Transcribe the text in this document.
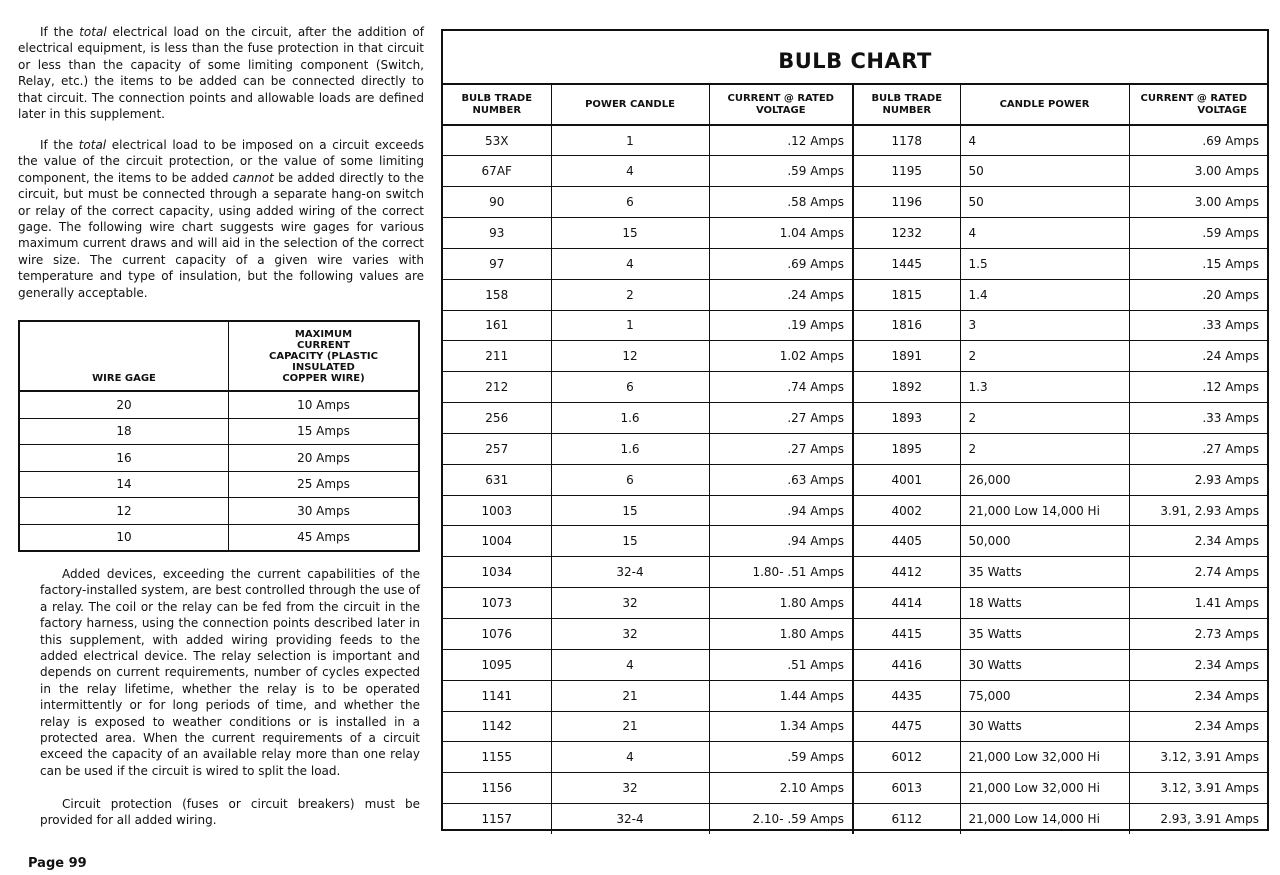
If the total electrical load on the circuit, after the addition of electrical equipment, is less than the fuse protection in that circuit or less than the capacity of some limiting component (Switch, Relay, etc.) the items to be added can be connected directly to that circuit. The connection points and allowable loads are defined later in this supplement.

If the total electrical load to be imposed on a circuit exceeds the value of the circuit protection, or the value of some limiting component, the items to be added cannot be added directly to the circuit, but must be connected through a separate hang-on switch or relay of the correct capacity, using added wiring of the correct gage. The following wire chart suggests wire gages for various maximum current draws and will aid in the selection of the correct wire size. The current capacity of a given wire varies with temperature and type of insulation, but the following values are generally acceptable.

Added devices, exceeding the current capabilities of the factory-installed system, are best controlled through the use of a relay. The coil or the relay can be fed from the circuit in the factory harness, using the connection points described later in this supplement, with added wiring providing feeds to the added electrical device. The relay selection is important and depends on current requirements, number of cycles expected in the relay lifetime, whether the relay is to be operated intermittently or for long periods of time, and whether the relay is exposed to weather conditions or is installed in a protected area. When the current requirements of a circuit exceed the capacity of an available relay more than one relay can be used if the circuit is wired to split the load.

Circuit protection (fuses or circuit breakers) must be provided for all added wiring.

WIRE GAGE	MAXIMUM CURRENT CAPACITY (PLASTIC INSULATED COPPER WIRE)
20	10 Amps
18	15 Amps
16	20 Amps
14	25 Amps
12	30 Amps
10	45 Amps
BULB CHART
BULB TRADE NUMBER	POWER CANDLE	CURRENT @ RATED VOLTAGE	BULB TRADE NUMBER	CANDLE POWER	CURRENT @ RATED VOLTAGE
53X	1	.12 Amps	1178	4	.69 Amps
67AF	4	.59 Amps	1195	50	3.00 Amps
90	6	.58 Amps	1196	50	3.00 Amps
93	15	1.04 Amps	1232	4	.59 Amps
97	4	.69 Amps	1445	1.5	.15 Amps
158	2	.24 Amps	1815	1.4	.20 Amps
161	1	.19 Amps	1816	3	.33 Amps
211	12	1.02 Amps	1891	2	.24 Amps
212	6	.74 Amps	1892	1.3	.12 Amps
256	1.6	.27 Amps	1893	2	.33 Amps
257	1.6	.27 Amps	1895	2	.27 Amps
631	6	.63 Amps	4001	26,000	2.93 Amps
1003	15	.94 Amps	4002	21,000 Low 14,000 Hi	3.91, 2.93 Amps
1004	15	.94 Amps	4405	50,000	2.34 Amps
1034	32-4	1.80- .51 Amps	4412	35 Watts	2.74 Amps
1073	32	1.80 Amps	4414	18 Watts	1.41 Amps
1076	32	1.80 Amps	4415	35 Watts	2.73 Amps
1095	4	.51 Amps	4416	30 Watts	2.34 Amps
1141	21	1.44 Amps	4435	75,000	2.34 Amps
1142	21	1.34 Amps	4475	30 Watts	2.34 Amps
1155	4	.59 Amps	6012	21,000 Low 32,000 Hi	3.12, 3.91 Amps
1156	32	2.10 Amps	6013	21,000 Low 32,000 Hi	3.12, 3.91 Amps
1157	32-4	2.10- .59 Amps	6112	21,000 Low 14,000 Hi	2.93, 3.91 Amps
Page 99
